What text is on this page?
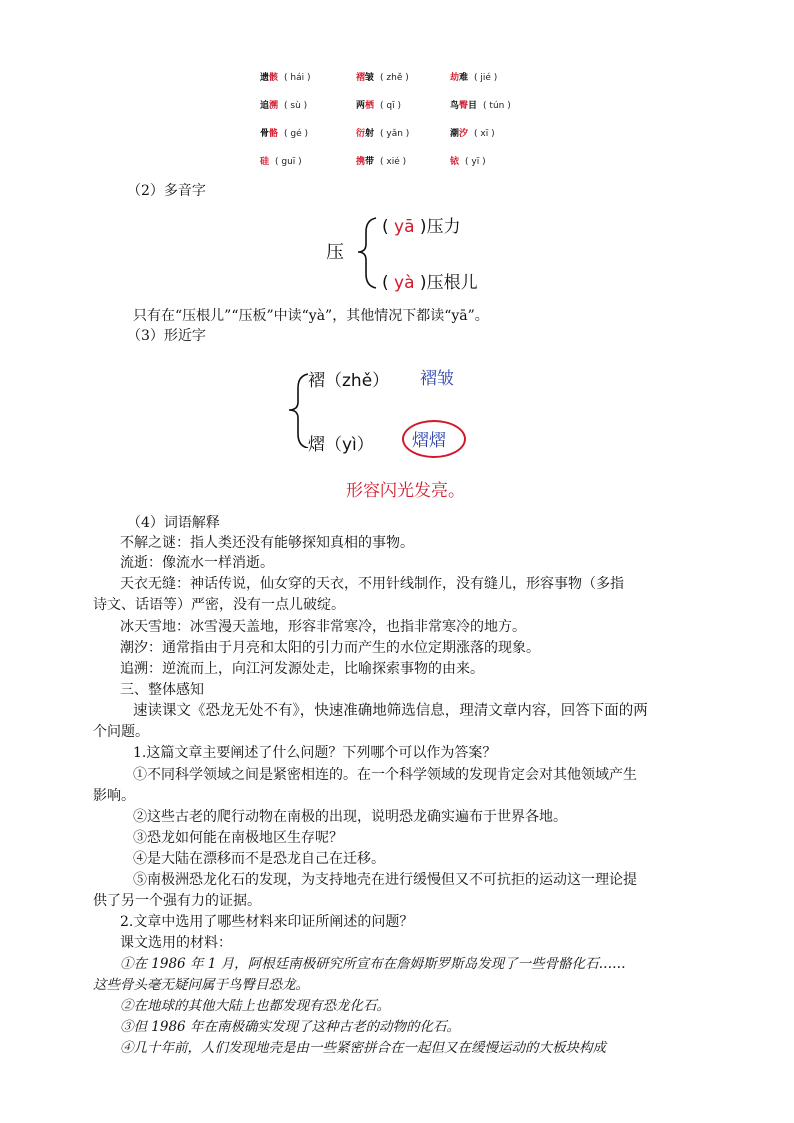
遗骸 ( hái )	褶皱 ( zhě )	劫难 ( jié )
追溯 ( sù )	两栖 ( qī )	鸟臀目 ( tún )
骨骼 ( gé )	衍射 ( yǎn )	潮汐 ( xī )
硅 ( guī )	携带 ( xié )	铱 ( yī )
（2）多音字
压
( yā )压力
( yà )压根儿
只有在“压根儿”“压板”中读“yà”，其他情况下都读“yā”。
（3）形近字
褶（zhě） 褶皱
熠（yì） 熠熠
形容闪光发亮。
（4）词语解释
不解之谜：指人类还没有能够探知真相的事物。
流逝：像流水一样消逝。
天衣无缝：神话传说，仙女穿的天衣，不用针线制作，没有缝儿，形容事物（多指
诗文、话语等）严密，没有一点儿破绽。
冰天雪地：冰雪漫天盖地，形容非常寒冷，也指非常寒冷的地方。
潮汐：通常指由于月亮和太阳的引力而产生的水位定期涨落的现象。
追溯：逆流而上，向江河发源处走，比喻探索事物的由来。
三、整体感知
速读课文《恐龙无处不有》，快速准确地筛选信息，理清文章内容，回答下面的两
个问题。
1.这篇文章主要阐述了什么问题？下列哪个可以作为答案？
①不同科学领域之间是紧密相连的。在一个科学领域的发现肯定会对其他领域产生
影响。
②这些古老的爬行动物在南极的出现，说明恐龙确实遍布于世界各地。
③恐龙如何能在南极地区生存呢？
④是大陆在漂移而不是恐龙自己在迁移。
⑤南极洲恐龙化石的发现，为支持地壳在进行缓慢但又不可抗拒的运动这一理论提
供了另一个强有力的证据。
2.文章中选用了哪些材料来印证所阐述的问题？
课文选用的材料：
①在 1986 年 1 月，阿根廷南极研究所宣布在詹姆斯罗斯岛发现了一些骨骼化石……
这些骨头毫无疑问属于鸟臀目恐龙。
②在地球的其他大陆上也都发现有恐龙化石。
③但 1986 年在南极确实发现了这种古老的动物的化石。
④几十年前，人们发现地壳是由一些紧密拼合在一起但又在缓慢运动的大板块构成
